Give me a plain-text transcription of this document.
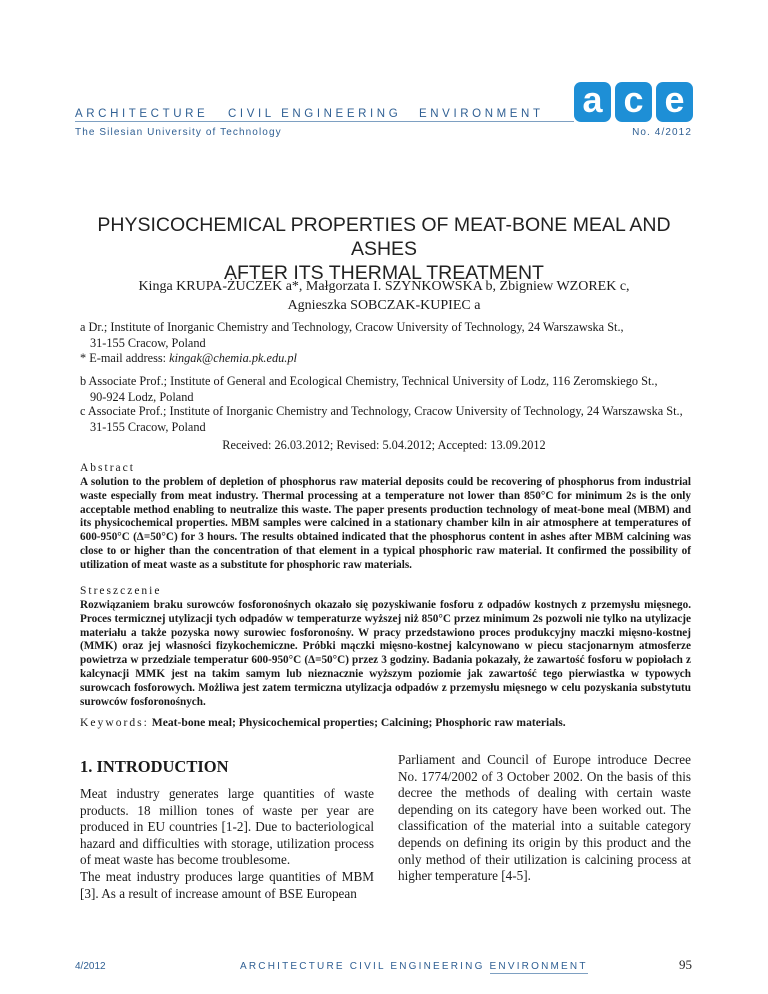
ARCHITECTURE CIVIL ENGINEERING ENVIRONMENT
The Silesian University of Technology	No. 4/2012
a c e
PHYSICOCHEMICAL PROPERTIES OF MEAT-BONE MEAL AND ASHES
AFTER ITS THERMAL TREATMENT
Kinga KRUPA-ŻUCZEK a*, Małgorzata I. SZYNKOWSKA b, Zbigniew WZOREK c,
Agnieszka SOBCZAK-KUPIEC a
a Dr.; Institute of Inorganic Chemistry and Technology, Cracow University of Technology, 24 Warszawska St.,
31-155 Cracow, Poland
* E-mail address: kingak@chemia.pk.edu.pl
b Associate Prof.; Institute of General and Ecological Chemistry, Technical University of Lodz, 116 Zeromskiego St.,
90-924 Lodz, Poland
c Associate Prof.; Institute of Inorganic Chemistry and Technology, Cracow University of Technology, 24 Warszawska St.,
31-155 Cracow, Poland
Received: 26.03.2012; Revised: 5.04.2012; Accepted: 13.09.2012
Abstract
A solution to the problem of depletion of phosphorus raw material deposits could be recovering of phosphorus from industrial waste especially from meat industry. Thermal processing at a temperature not lower than 850°C for minimum 2s is the only acceptable method enabling to neutralize this waste. The paper presents production technology of meat-bone meal (MBM) and its physicochemical properties. MBM samples were calcined in a stationary chamber kiln in air atmosphere at temperatures of 600-950°C (Δ=50°C) for 3 hours. The results obtained indicated that the phosphorus content in ashes after MBM calcining was close to or higher than the concentration of that element in a typical phosphoric raw material. It confirmed the possibility of utilization of meat waste as a substitute for phosphoric raw materials.
Streszczenie
Rozwiązaniem braku surowców fosforonośnych okazało się pozyskiwanie fosforu z odpadów kostnych z przemysłu mięsnego. Proces termicznej utylizacji tych odpadów w temperaturze wyższej niż 850°C przez minimum 2s pozwoli nie tylko na utylizacje materiału a także pozyska nowy surowiec fosforonośny. W pracy przedstawiono proces produkcyjny maczki mięsno-kostnej (MMK) oraz jej własności fizykochemiczne. Próbki mączki mięsno-kostnej kalcynowano w piecu stacjonarnym atmosferze powietrza w przedziale temperatur 600-950°C (Δ=50°C) przez 3 godziny. Badania pokazały, że zawartość fosforu w popiołach z kalcynacji MMK jest na takim samym lub nieznacznie wyższym poziomie jak zawartość tego pierwiastka w typowych surowcach fosforowych. Możliwa jest zatem termiczna utylizacja odpadów z przemysłu mięsnego w celu pozyskania substytutu surowców fosforonośnych.
Keywords: Meat-bone meal; Physicochemical properties; Calcining; Phosphoric raw materials.
1. INTRODUCTION

Meat industry generates large quantities of waste products. 18 million tones of waste per year are produced in EU countries [1-2]. Due to bacteriological hazard and difficulties with storage, utilization process of meat waste has become troublesome.

The meat industry produces large quantities of MBM [3]. As a result of increase amount of BSE European

Parliament and Council of Europe introduce Decree No. 1774/2002 of 3 October 2002. On the basis of this decree the methods of dealing with certain waste depending on its category have been worked out. The classification of the material into a suitable category depends on defining its origin by this product and the only method of their utilization is calcining process at higher temperature [4-5].

4/2012	ARCHITECTURE CIVIL ENGINEERING ENVIRONMENT	95
